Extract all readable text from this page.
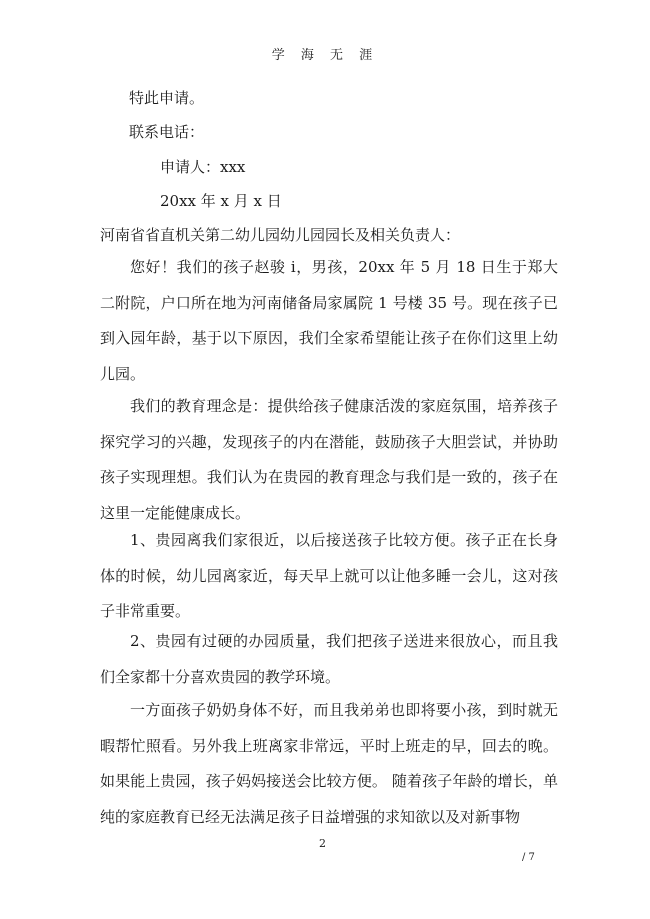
学 海 无 涯
特此申请。
联系电话：
申请人：xxx
20xx 年 x 月 x 日
河南省省直机关第二幼儿园幼儿园园长及相关负责人：

您好！我们的孩子赵骏 i，男孩，20xx 年 5 月 18 日生于郑大二附院，户口所在地为河南储备局家属院 1 号楼 35 号。现在孩子已到入园年龄，基于以下原因，我们全家希望能让孩子在你们这里上幼儿园。

我们的教育理念是：提供给孩子健康活泼的家庭氛围，培养孩子探究学习的兴趣，发现孩子的内在潜能，鼓励孩子大胆尝试，并协助孩子实现理想。我们认为在贵园的教育理念与我们是一致的，孩子在这里一定能健康成长。

1、贵园离我们家很近，以后接送孩子比较方便。孩子正在长身体的时候，幼儿园离家近，每天早上就可以让他多睡一会儿，这对孩子非常重要。

2、贵园有过硬的办园质量，我们把孩子送进来很放心，而且我们全家都十分喜欢贵园的教学环境。

一方面孩子奶奶身体不好，而且我弟弟也即将要小孩，到时就无暇帮忙照看。另外我上班离家非常远，平时上班走的早，回去的晚。如果能上贵园，孩子妈妈接送会比较方便。 随着孩子年龄的增长，单纯的家庭教育已经无法满足孩子日益增强的求知欲以及对新事物

2
/ 7
